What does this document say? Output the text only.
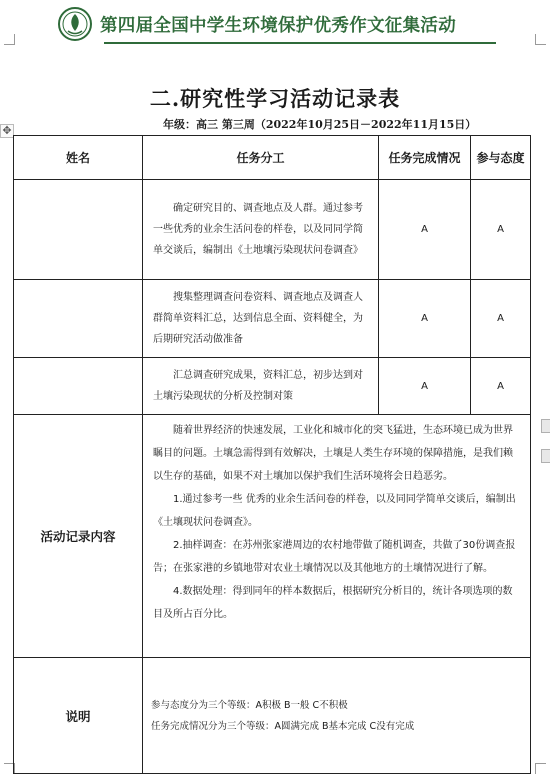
第四届全国中学生环境保护优秀作文征集活动
二.研究性学习活动记录表
年级：高三 第三周（2022年10月25日－2022年11月15日）
✥
姓名	任务分工	任务完成情况	参与态度

	确定研究目的、调查地点及人群。通过参考一些优秀的业余生活问卷的样卷，以及同同学简单交谈后，编制出《土地壤污染现状问卷调查》	A	A

	搜集整理调查问卷资料、调查地点及调查人群简单资料汇总，达到信息全面、资料健全，为后期研究活动做准备	A	A

	汇总调查研究成果，资料汇总，初步达到对土壤污染现状的分析及控制对策	A	A
活动记录内容	随着世界经济的快速发展，工业化和城市化的突飞猛进，生态环境已成为世界瞩目的问题。土壤急需得到有效解决，土壤是人类生存环境的保障措施，是我们赖以生存的基础，如果不对土壤加以保护我们生活环境将会日趋恶劣。

1.通过参考一些 优秀的业余生活问卷的样卷，以及同同学简单交谈后，编制出《土壤现状问卷调查》。

2.抽样调查：在苏州张家港周边的农村地带做了随机调查，共做了30份调查报告；在张家港的乡镇地带对农业土壤情况以及其他地方的土壤情况进行了解。

4.数据处理：得到同年的样本数据后，根据研究分析目的，统计各项选项的数目及所占百分比。		

说明	参与态度分为三个等级：A积极 B一般 C不积极

任务完成情况分为三个等级：A圆满完成 B基本完成 C没有完成		
